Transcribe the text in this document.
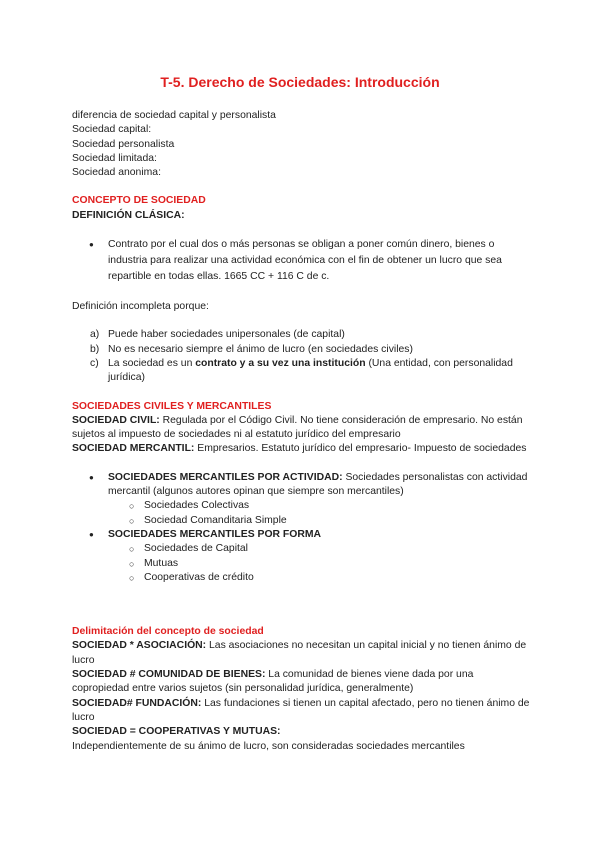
T-5. Derecho de Sociedades: Introducción

diferencia de sociedad capital y personalista

Sociedad capital:

Sociedad personalista

Sociedad limitada:

Sociedad anonima:

CONCEPTO DE SOCIEDAD

DEFINICIÓN CLÁSICA:

● Contrato por el cual dos o más personas se obligan a poner común dinero, bienes o industria para realizar una actividad económica con el fin de obtener un lucro que sea repartible en todas ellas. 1665 CC + 116 C de c.

Definición incompleta porque:

a) Puede haber sociedades unipersonales (de capital)
b) No es necesario siempre el ánimo de lucro (en sociedades civiles)
c) La sociedad es un contrato y a su vez una institución (Una entidad, con personalidad jurídica)

SOCIEDADES CIVILES Y MERCANTILES

SOCIEDAD CIVIL: Regulada por el Código Civil. No tiene consideración de empresario. No están sujetos al impuesto de sociedades ni al estatuto jurídico del empresario

SOCIEDAD MERCANTIL: Empresarios. Estatuto jurídico del empresario- Impuesto de sociedades

● SOCIEDADES MERCANTILES POR ACTIVIDAD: Sociedades personalistas con actividad mercantil (algunos autores opinan que siempre son mercantiles)
○ Sociedades Colectivas
○ Sociedad Comanditaria Simple
● SOCIEDADES MERCANTILES POR FORMA
○ Sociedades de Capital
○ Mutuas
○ Cooperativas de crédito

Delimitación del concepto de sociedad

SOCIEDAD * ASOCIACIÓN: Las asociaciones no necesitan un capital inicial y no tienen ánimo de lucro

SOCIEDAD # COMUNIDAD DE BIENES: La comunidad de bienes viene dada por una copropiedad entre varios sujetos (sin personalidad jurídica, generalmente)

SOCIEDAD# FUNDACIÓN: Las fundaciones si tienen un capital afectado, pero no tienen ánimo de lucro

SOCIEDAD = COOPERATIVAS Y MUTUAS:

Independientemente de su ánimo de lucro, son consideradas sociedades mercantiles
